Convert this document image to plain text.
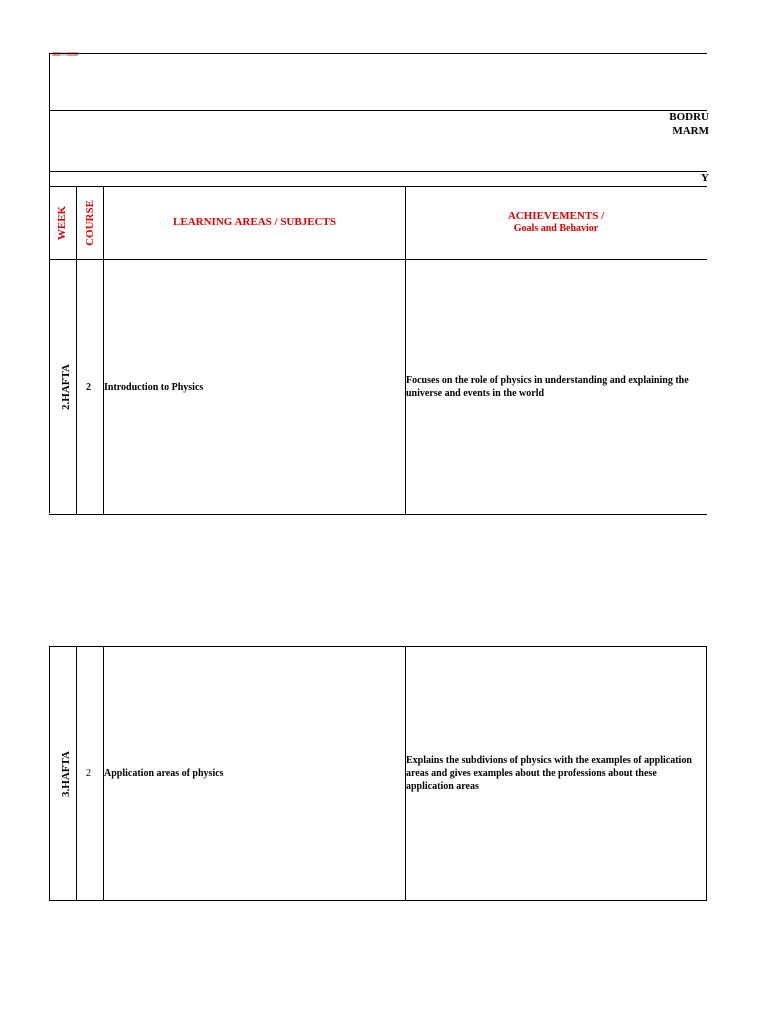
BODRU
MARM
Y
WEEK COURSE	LEARNING AREAS / SUBJECTS	ACHIEVEMENTS /
Goals and Behavior
2.HAFTA 2 Introduction to Physics
Focuses on the role of physics in understanding and explaining the universe and events in the world
3.HAFTA 2 Application areas of physics
Explains the subdivions of physics with the examples of application areas and gives examples about the professions about these application areas
